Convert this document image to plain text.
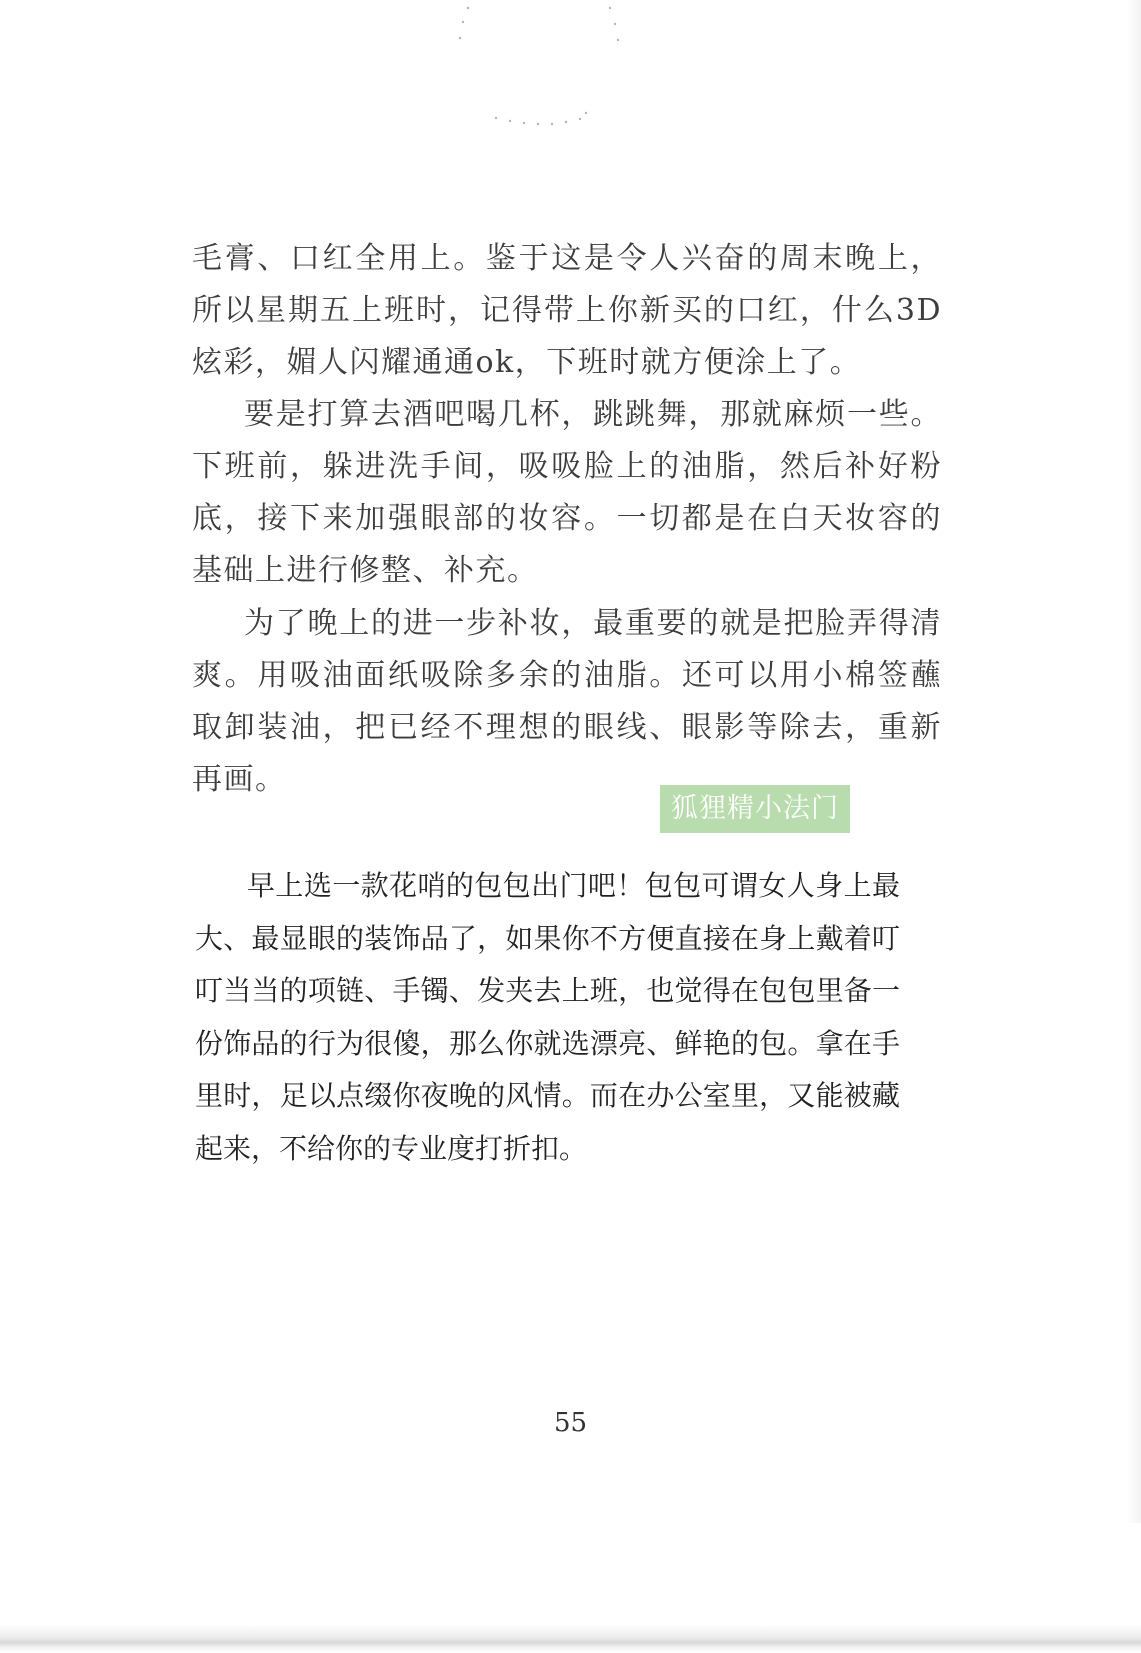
毛膏、口红全用上。鉴于这是令人兴奋的周末晚上，所以星期五上班时，记得带上你新买的口红，什么3D炫彩，媚人闪耀通通ok，下班时就方便涂上了。

要是打算去酒吧喝几杯，跳跳舞，那就麻烦一些。下班前，躲进洗手间，吸吸脸上的油脂，然后补好粉底，接下来加强眼部的妆容。一切都是在白天妆容的基础上进行修整、补充。

为了晚上的进一步补妆，最重要的就是把脸弄得清爽。用吸油面纸吸除多余的油脂。还可以用小棉签蘸取卸装油，把已经不理想的眼线、眼影等除去，重新再画。

狐狸精小法门

早上选一款花哨的包包出门吧！包包可谓女人身上最大、最显眼的装饰品了，如果你不方便直接在身上戴着叮叮当当的项链、手镯、发夹去上班，也觉得在包包里备一份饰品的行为很傻，那么你就选漂亮、鲜艳的包。拿在手里时，足以点缀你夜晚的风情。而在办公室里，又能被藏起来，不给你的专业度打折扣。

55
